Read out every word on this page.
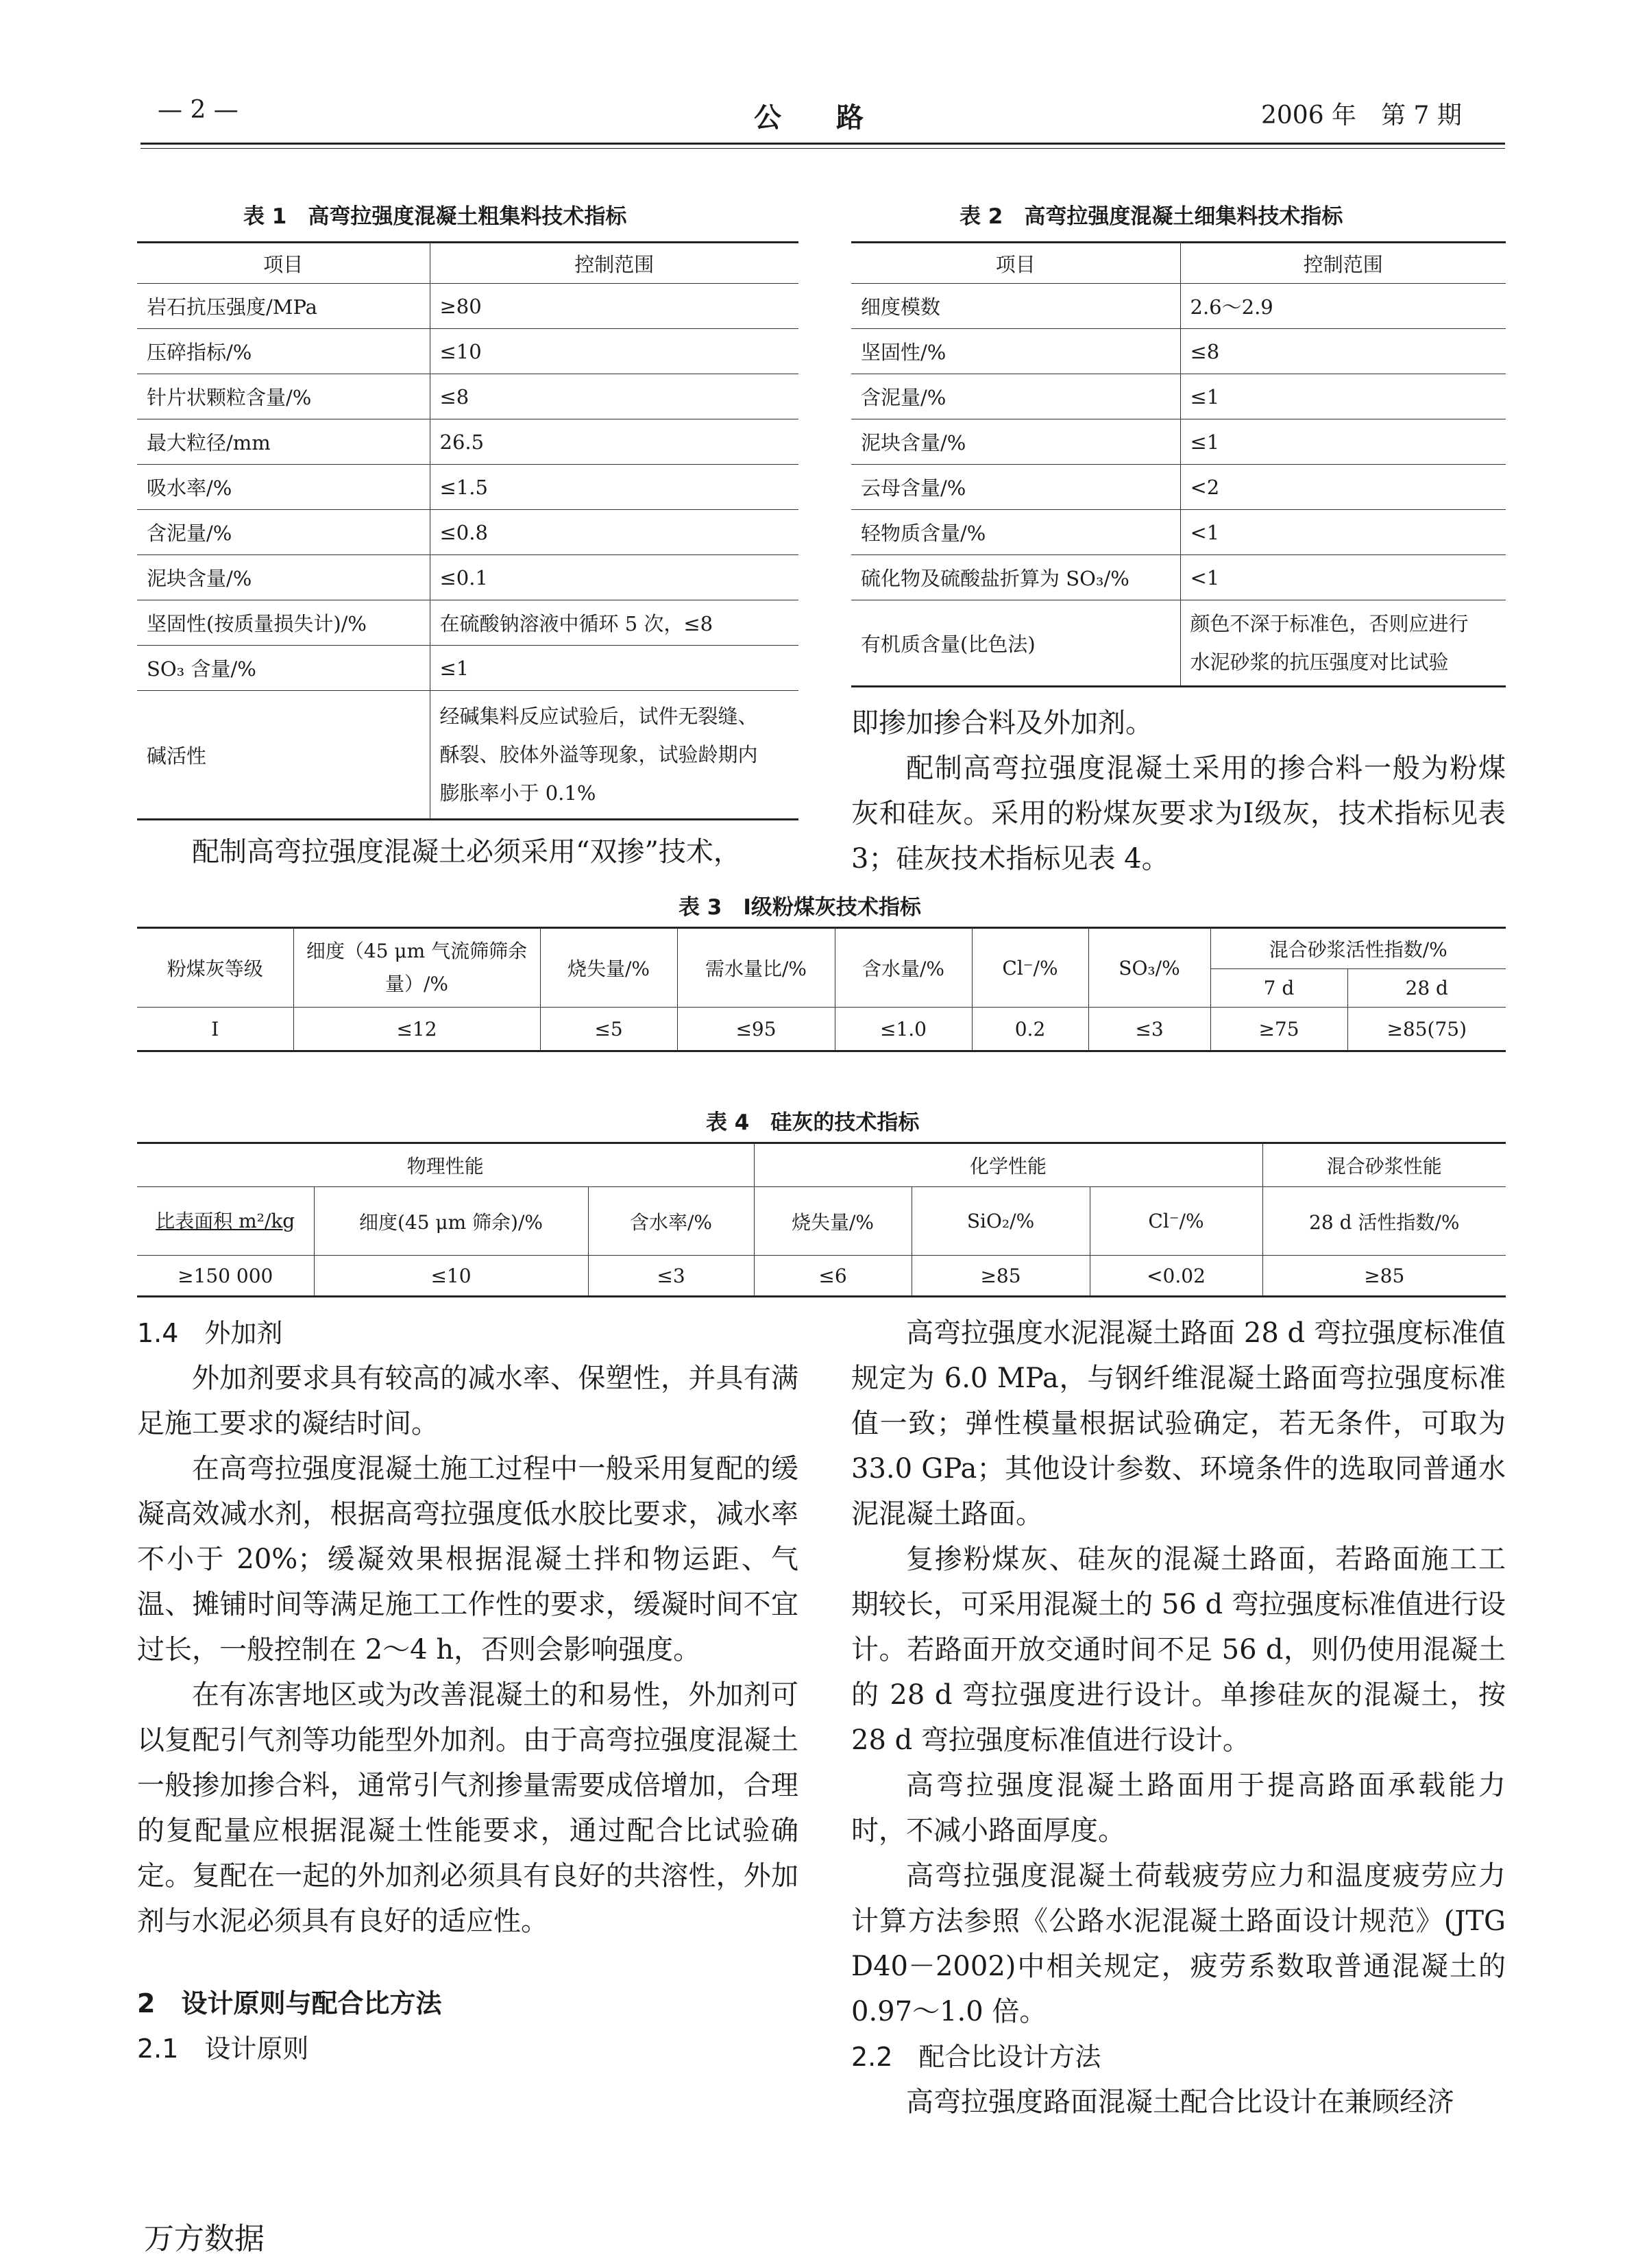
— 2 —	公　　路	2006 年　第 7 期
表 1　高弯拉强度混凝土粗集料技术指标
项目	控制范围
岩石抗压强度/MPa	≥80
压碎指标/%	≤10
针片状颗粒含量/%	≤8
最大粒径/mm	26.5
吸水率/%	≤1.5
含泥量/%	≤0.8
泥块含量/%	≤0.1
坚固性(按质量损失计)/%	在硫酸钠溶液中循环 5 次，≤8
SO₃ 含量/%	≤1
碱活性	经碱集料反应试验后，试件无裂缝、
酥裂、胶体外溢等现象，试验龄期内
膨胀率小于 0.1%
表 2　高弯拉强度混凝土细集料技术指标
项目	控制范围
细度模数	2.6～2.9
坚固性/%	≤8
含泥量/%	≤1
泥块含量/%	≤1
云母含量/%	<2
轻物质含量/%	<1
硫化物及硫酸盐折算为 SO₃/%	<1
有机质含量(比色法)	颜色不深于标准色，否则应进行
水泥砂浆的抗压强度对比试验

配制高弯拉强度混凝土必须采用“双掺”技术，

即掺加掺合料及外加剂。

配制高弯拉强度混凝土采用的掺合料一般为粉煤灰和硅灰。采用的粉煤灰要求为Ⅰ级灰，技术指标见表 3；硅灰技术指标见表 4。

表 3　Ⅰ级粉煤灰技术指标
粉煤灰等级	细度（45 μm 气流筛筛余量）/%	烧失量/%	需水量比/%	含水量/%	Cl⁻/%	SO₃/%	混合砂浆活性指数/%	
							7 d	28 d
Ⅰ	≤12	≤5	≤95	≤1.0	0.2	≤3	≥75	≥85(75)
表 4　硅灰的技术指标
物理性能			化学性能			混合砂浆性能
比表面积 m²/kg	细度(45 μm 筛余)/%	含水率/%	烧失量/%	SiO₂/%	Cl⁻/%	28 d 活性指数/%
≥150 000	≤10	≤3	≤6	≥85	<0.02	≥85
1.4　外加剂

外加剂要求具有较高的减水率、保塑性，并具有满足施工要求的凝结时间。

在高弯拉强度混凝土施工过程中一般采用复配的缓凝高效减水剂，根据高弯拉强度低水胶比要求，减水率不小于 20%；缓凝效果根据混凝土拌和物运距、气温、摊铺时间等满足施工工作性的要求，缓凝时间不宜过长，一般控制在 2～4 h，否则会影响强度。

在有冻害地区或为改善混凝土的和易性，外加剂可以复配引气剂等功能型外加剂。由于高弯拉强度混凝土一般掺加掺合料，通常引气剂掺量需要成倍增加，合理的复配量应根据混凝土性能要求，通过配合比试验确定。复配在一起的外加剂必须具有良好的共溶性，外加剂与水泥必须具有良好的适应性。

2　设计原则与配合比方法
2.1　设计原则

高弯拉强度水泥混凝土路面 28 d 弯拉强度标准值规定为 6.0 MPa，与钢纤维混凝土路面弯拉强度标准值一致；弹性模量根据试验确定，若无条件，可取为 33.0 GPa；其他设计参数、环境条件的选取同普通水泥混凝土路面。

复掺粉煤灰、硅灰的混凝土路面，若路面施工工期较长，可采用混凝土的 56 d 弯拉强度标准值进行设计。若路面开放交通时间不足 56 d，则仍使用混凝土的 28 d 弯拉强度进行设计。单掺硅灰的混凝土，按 28 d 弯拉强度标准值进行设计。

高弯拉强度混凝土路面用于提高路面承载能力时，不减小路面厚度。

高弯拉强度混凝土荷载疲劳应力和温度疲劳应力计算方法参照《公路水泥混凝土路面设计规范》(JTG D40－2002)中相关规定，疲劳系数取普通混凝土的 0.97～1.0 倍。

2.2　配合比设计方法

高弯拉强度路面混凝土配合比设计在兼顾经济

万方数据
